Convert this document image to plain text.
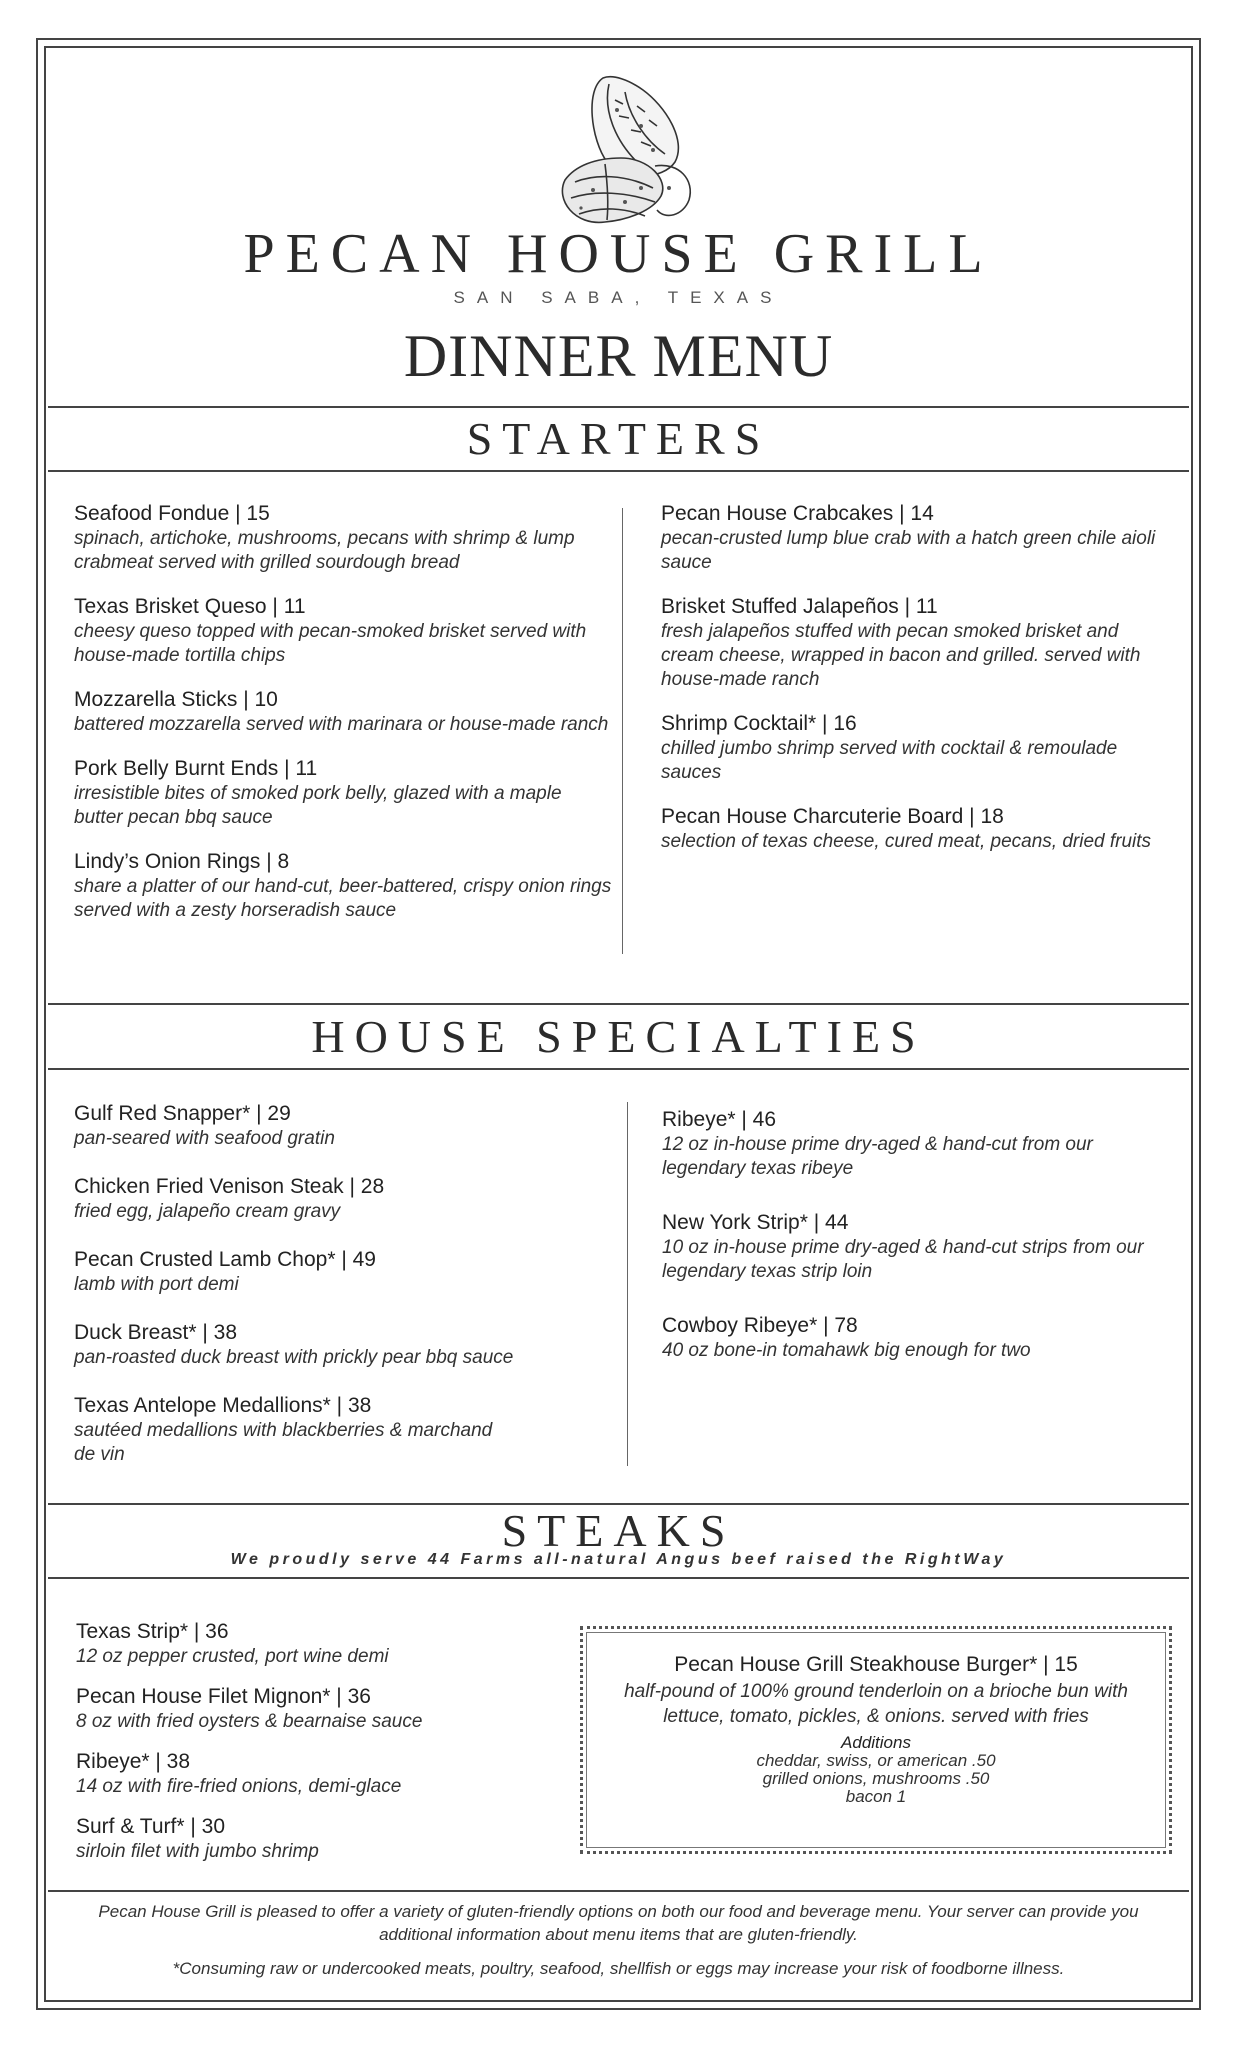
PECAN HOUSE GRILL
SAN SABA, TEXAS
DINNER MENU
STARTERS
Seafood Fondue | 15
spinach, artichoke, mushrooms, pecans with shrimp & lump crabmeat served with grilled sourdough bread
Texas Brisket Queso | 11
cheesy queso topped with pecan-smoked brisket served with house-made tortilla chips
Mozzarella Sticks | 10
battered mozzarella served with marinara or house-made ranch
Pork Belly Burnt Ends | 11
irresistible bites of smoked pork belly, glazed with a maple butter pecan bbq sauce
Lindy’s Onion Rings | 8
share a platter of our hand-cut, beer-battered, crispy onion rings served with a zesty horseradish sauce
Pecan House Crabcakes | 14
pecan-crusted lump blue crab with a hatch green chile aioli sauce
Brisket Stuffed Jalapeños | 11
fresh jalapeños stuffed with pecan smoked brisket and cream cheese, wrapped in bacon and grilled. served with house-made ranch
Shrimp Cocktail* | 16
chilled jumbo shrimp served with cocktail & remoulade sauces
Pecan House Charcuterie Board | 18
selection of texas cheese, cured meat, pecans, dried fruits
HOUSE SPECIALTIES
Gulf Red Snapper* | 29
pan-seared with seafood gratin
Chicken Fried Venison Steak | 28
fried egg, jalapeño cream gravy
Pecan Crusted Lamb Chop* | 49
lamb with port demi
Duck Breast* | 38
pan-roasted duck breast with prickly pear bbq sauce
Texas Antelope Medallions* | 38
sautéed medallions with blackberries & marchand de vin
Ribeye* | 46
12 oz in-house prime dry-aged & hand-cut from our legendary texas ribeye
New York Strip* | 44
10 oz in-house prime dry-aged & hand-cut strips from our legendary texas strip loin
Cowboy Ribeye* | 78
40 oz bone-in tomahawk big enough for two
STEAKS
We proudly serve 44 Farms all-natural Angus beef raised the RightWay
Texas Strip* | 36
12 oz pepper crusted, port wine demi
Pecan House Filet Mignon* | 36
8 oz with fried oysters & bearnaise sauce
Ribeye* | 38
14 oz with fire-fried onions, demi-glace
Surf & Turf* | 30
sirloin filet with jumbo shrimp
Pecan House Grill Steakhouse Burger* | 15
half-pound of 100% ground tenderloin on a brioche bun with lettuce, tomato, pickles, & onions. served with fries
Additions
cheddar, swiss, or american .50
grilled onions, mushrooms .50
bacon 1
Pecan House Grill is pleased to offer a variety of gluten-friendly options on both our food and beverage menu. Your server can provide you additional information about menu items that are gluten-friendly.
*Consuming raw or undercooked meats, poultry, seafood, shellfish or eggs may increase your risk of foodborne illness.
